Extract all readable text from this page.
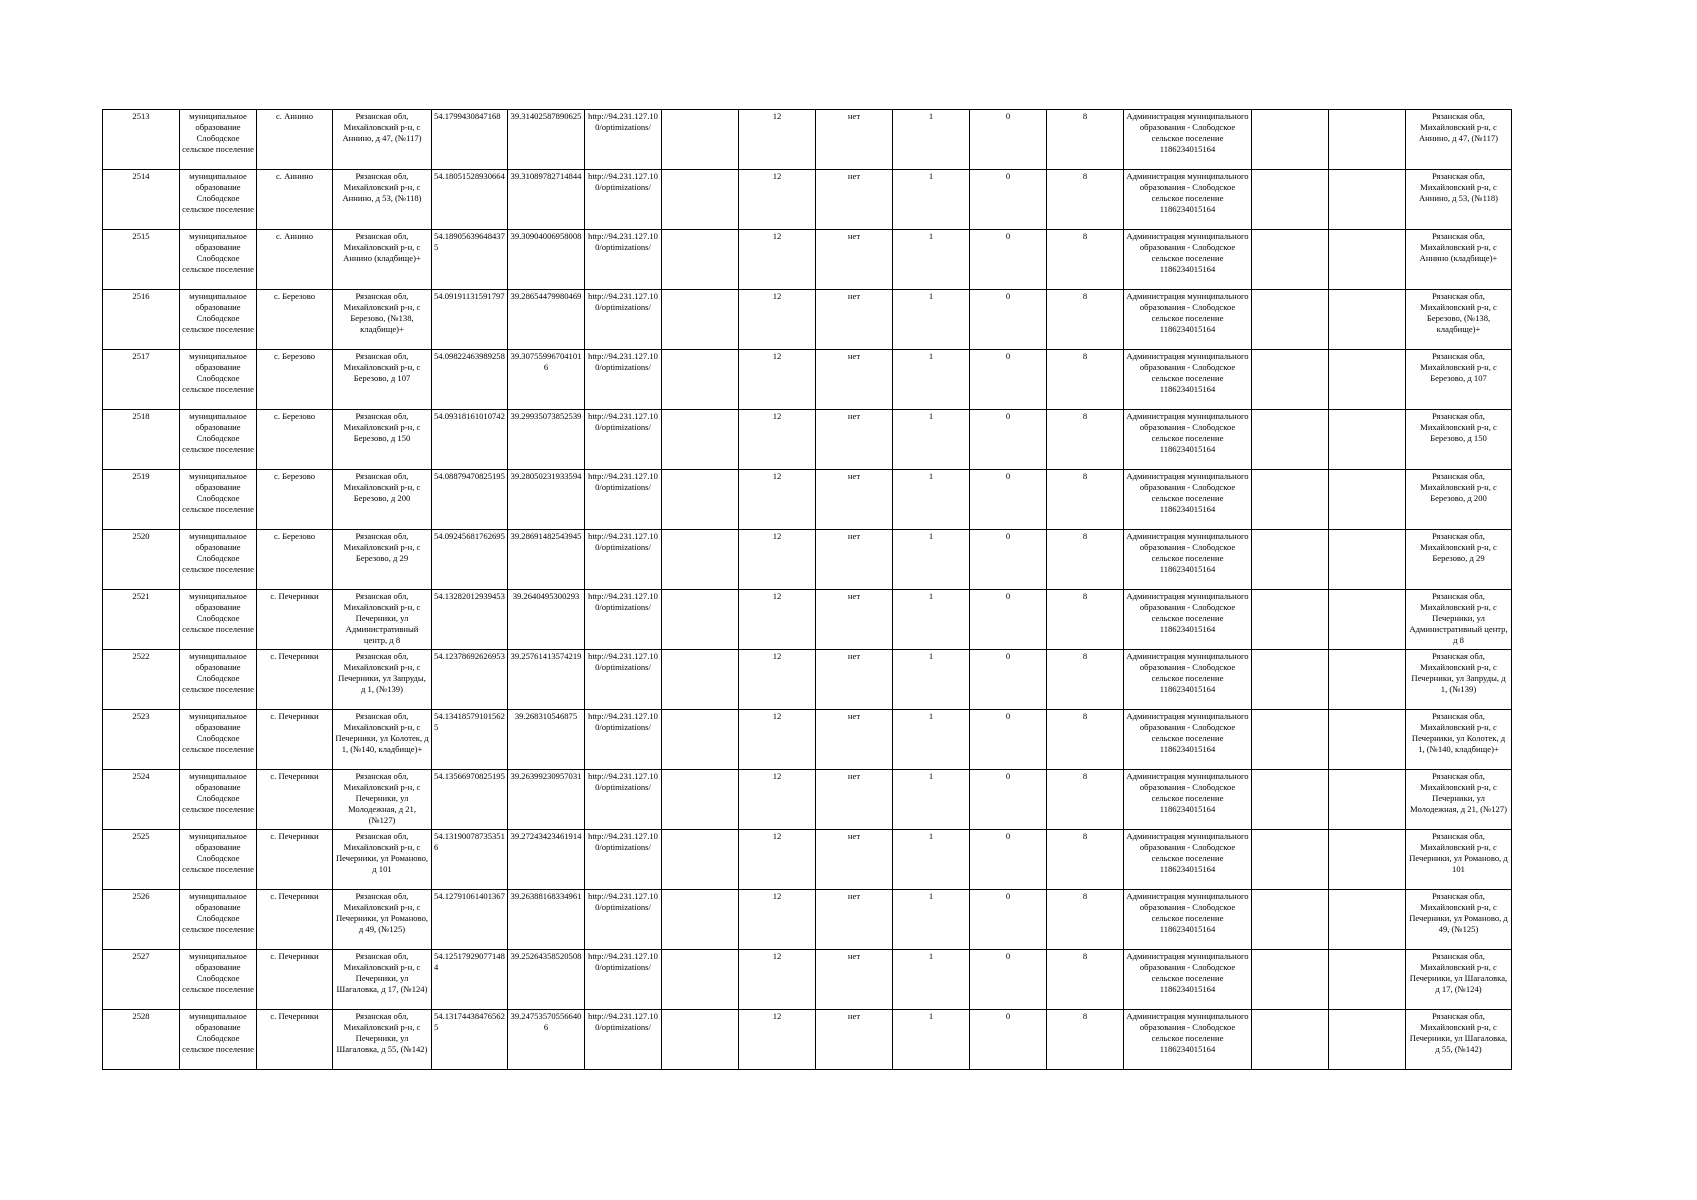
2513	муниципальное образование Слободское сельское поселение	с. Аннино	Рязанская обл, Михайловский р-н, с Аннино, д 47, (№117)	54.1799430847168	39.31402587890625	http://94.231.127.100/optimizations/		12	нет	1	0	8	Администрация муниципального образования - Слободское сельское поселение 1186234015164			Рязанская обл, Михайловский р-н, с Аннино, д 47, (№117)
2514	муниципальное образование Слободское сельское поселение	с. Аннино	Рязанская обл, Михайловский р-н, с Аннино, д 53, (№118)	54.18051528930664	39.31089782714844	http://94.231.127.100/optimizations/		12	нет	1	0	8	Администрация муниципального образования - Слободское сельское поселение 1186234015164			Рязанская обл, Михайловский р-н, с Аннино, д 53, (№118)
2515	муниципальное образование Слободское сельское поселение	с. Аннино	Рязанская обл, Михайловский р-н, с Аннино (кладбище)+	54.189056396484375	39.30904006958008	http://94.231.127.100/optimizations/		12	нет	1	0	8	Администрация муниципального образования - Слободское сельское поселение 1186234015164			Рязанская обл, Михайловский р-н, с Аннино (кладбище)+
2516	муниципальное образование Слободское сельское поселение	с. Березово	Рязанская обл, Михайловский р-н, с Березово, (№138, кладбище)+	54.09191131591797	39.28654479980469	http://94.231.127.100/optimizations/		12	нет	1	0	8	Администрация муниципального образования - Слободское сельское поселение 1186234015164			Рязанская обл, Михайловский р-н, с Березово, (№138, кладбище)+
2517	муниципальное образование Слободское сельское поселение	с. Березово	Рязанская обл, Михайловский р-н, с Березово, д 107	54.09822463989258	39.307559967041016	http://94.231.127.100/optimizations/		12	нет	1	0	8	Администрация муниципального образования - Слободское сельское поселение 1186234015164			Рязанская обл, Михайловский р-н, с Березово, д 107
2518	муниципальное образование Слободское сельское поселение	с. Березово	Рязанская обл, Михайловский р-н, с Березово, д 150	54.09318161010742	39.29935073852539	http://94.231.127.100/optimizations/		12	нет	1	0	8	Администрация муниципального образования - Слободское сельское поселение 1186234015164			Рязанская обл, Михайловский р-н, с Березово, д 150
2519	муниципальное образование Слободское сельское поселение	с. Березово	Рязанская обл, Михайловский р-н, с Березово, д 200	54.08879470825195	39.28050231933594	http://94.231.127.100/optimizations/		12	нет	1	0	8	Администрация муниципального образования - Слободское сельское поселение 1186234015164			Рязанская обл, Михайловский р-н, с Березово, д 200
2520	муниципальное образование Слободское сельское поселение	с. Березово	Рязанская обл, Михайловский р-н, с Березово, д 29	54.09245681762695	39.28691482543945	http://94.231.127.100/optimizations/		12	нет	1	0	8	Администрация муниципального образования - Слободское сельское поселение 1186234015164			Рязанская обл, Михайловский р-н, с Березово, д 29
2521	муниципальное образование Слободское сельское поселение	с. Печерники	Рязанская обл, Михайловский р-н, с Печерники, ул Административный центр, д 8	54.13282012939453	39.2640495300293	http://94.231.127.100/optimizations/		12	нет	1	0	8	Администрация муниципального образования - Слободское сельское поселение 1186234015164			Рязанская обл, Михайловский р-н, с Печерники, ул Административный центр, д 8
2522	муниципальное образование Слободское сельское поселение	с. Печерники	Рязанская обл, Михайловский р-н, с Печерники, ул Запруды, д 1, (№139)	54.12378692626953	39.25761413574219	http://94.231.127.100/optimizations/		12	нет	1	0	8	Администрация муниципального образования - Слободское сельское поселение 1186234015164			Рязанская обл, Михайловский р-н, с Печерники, ул Запруды, д 1, (№139)
2523	муниципальное образование Слободское сельское поселение	с. Печерники	Рязанская обл, Михайловский р-н, с Печерники, ул Колотек, д 1, (№140, кладбище)+	54.134185791015625	39.268310546875	http://94.231.127.100/optimizations/		12	нет	1	0	8	Администрация муниципального образования - Слободское сельское поселение 1186234015164			Рязанская обл, Михайловский р-н, с Печерники, ул Колотек, д 1, (№140, кладбище)+
2524	муниципальное образование Слободское сельское поселение	с. Печерники	Рязанская обл, Михайловский р-н, с Печерники, ул Молодежная, д 21, (№127)	54.13566970825195	39.26399230957031	http://94.231.127.100/optimizations/		12	нет	1	0	8	Администрация муниципального образования - Слободское сельское поселение 1186234015164			Рязанская обл, Михайловский р-н, с Печерники, ул Молодежная, д 21, (№127)
2525	муниципальное образование Слободское сельское поселение	с. Печерники	Рязанская обл, Михайловский р-н, с Печерники, ул Романово, д 101	54.131900787353516	39.27243423461914	http://94.231.127.100/optimizations/		12	нет	1	0	8	Администрация муниципального образования - Слободское сельское поселение 1186234015164			Рязанская обл, Михайловский р-н, с Печерники, ул Романово, д 101
2526	муниципальное образование Слободское сельское поселение	с. Печерники	Рязанская обл, Михайловский р-н, с Печерники, ул Романово, д 49, (№125)	54.12791061401367	39.26388168334961	http://94.231.127.100/optimizations/		12	нет	1	0	8	Администрация муниципального образования - Слободское сельское поселение 1186234015164			Рязанская обл, Михайловский р-н, с Печерники, ул Романово, д 49, (№125)
2527	муниципальное образование Слободское сельское поселение	с. Печерники	Рязанская обл, Михайловский р-н, с Печерники, ул Шагаловка, д 17, (№124)	54.125179290771484	39.25264358520508	http://94.231.127.100/optimizations/		12	нет	1	0	8	Администрация муниципального образования - Слободское сельское поселение 1186234015164			Рязанская обл, Михайловский р-н, с Печерники, ул Шагаловка, д 17, (№124)
2528	муниципальное образование Слободское сельское поселение	с. Печерники	Рязанская обл, Михайловский р-н, с Печерники, ул Шагаловка, д 55, (№142)	54.131744384765625	39.247535705566406	http://94.231.127.100/optimizations/		12	нет	1	0	8	Администрация муниципального образования - Слободское сельское поселение 1186234015164			Рязанская обл, Михайловский р-н, с Печерники, ул Шагаловка, д 55, (№142)
